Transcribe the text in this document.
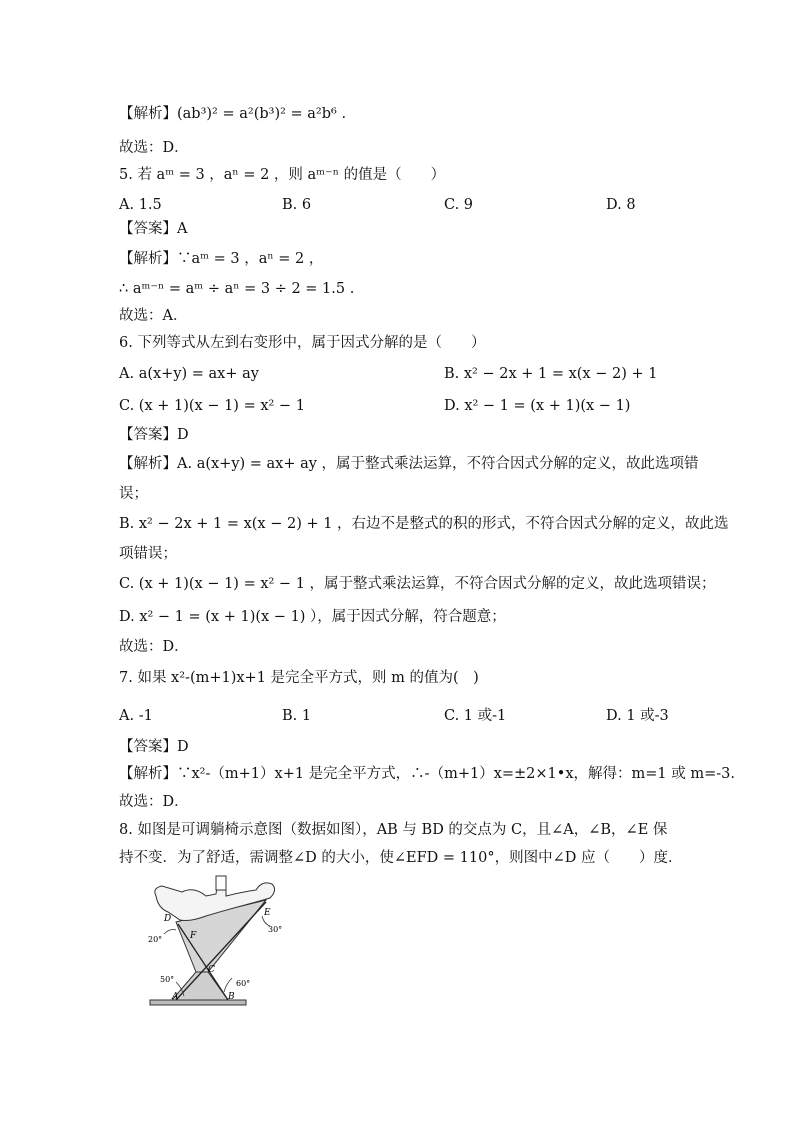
【解析】(ab³)² = a²(b³)² = a²b⁶ .
故选：D．
5. 若 aᵐ = 3 ，aⁿ = 2 ，则 aᵐ⁻ⁿ 的值是（　　）
A. 1.5	B. 6	C. 9	D. 8
【答案】A
【解析】∵aᵐ = 3 ，aⁿ = 2 ，
∴ aᵐ⁻ⁿ = aᵐ ÷ aⁿ = 3 ÷ 2 = 1.5 .
故选：A．
6. 下列等式从左到右变形中，属于因式分解的是（　　）
A. a(x+y) = ax+ ay	B. x² − 2x + 1 = x(x − 2) + 1
C. (x + 1)(x − 1) = x² − 1	D. x² − 1 = (x + 1)(x − 1)
【答案】D
【解析】A. a(x+y) = ax+ ay ，属于整式乘法运算，不符合因式分解的定义，故此选项错
误；
B. x² − 2x + 1 = x(x − 2) + 1 ，右边不是整式的积的形式，不符合因式分解的定义，故此选
项错误；
C. (x + 1)(x − 1) = x² − 1 ，属于整式乘法运算，不符合因式分解的定义，故此选项错误；
D. x² − 1 = (x + 1)(x − 1) ），属于因式分解，符合题意；
故选：D．
7. 如果 x²-(m+1)x+1 是完全平方式，则 m 的值为(　)
A. -1	B. 1	C. 1 或-1	D. 1 或-3
【答案】D
【解析】∵x²-（m+1）x+1 是完全平方式，∴-（m+1）x=±2×1•x，解得：m=1 或 m=-3.
故选：D．
8. 如图是可调躺椅示意图（数据如图），AB 与 BD 的交点为 C，且∠A，∠B，∠E 保
持不变．为了舒适，需调整∠D 的大小，使∠EFD = 110°，则图中∠D 应（　　）度．
D
E
F
C
A	B
20°
30°
50°	60°
